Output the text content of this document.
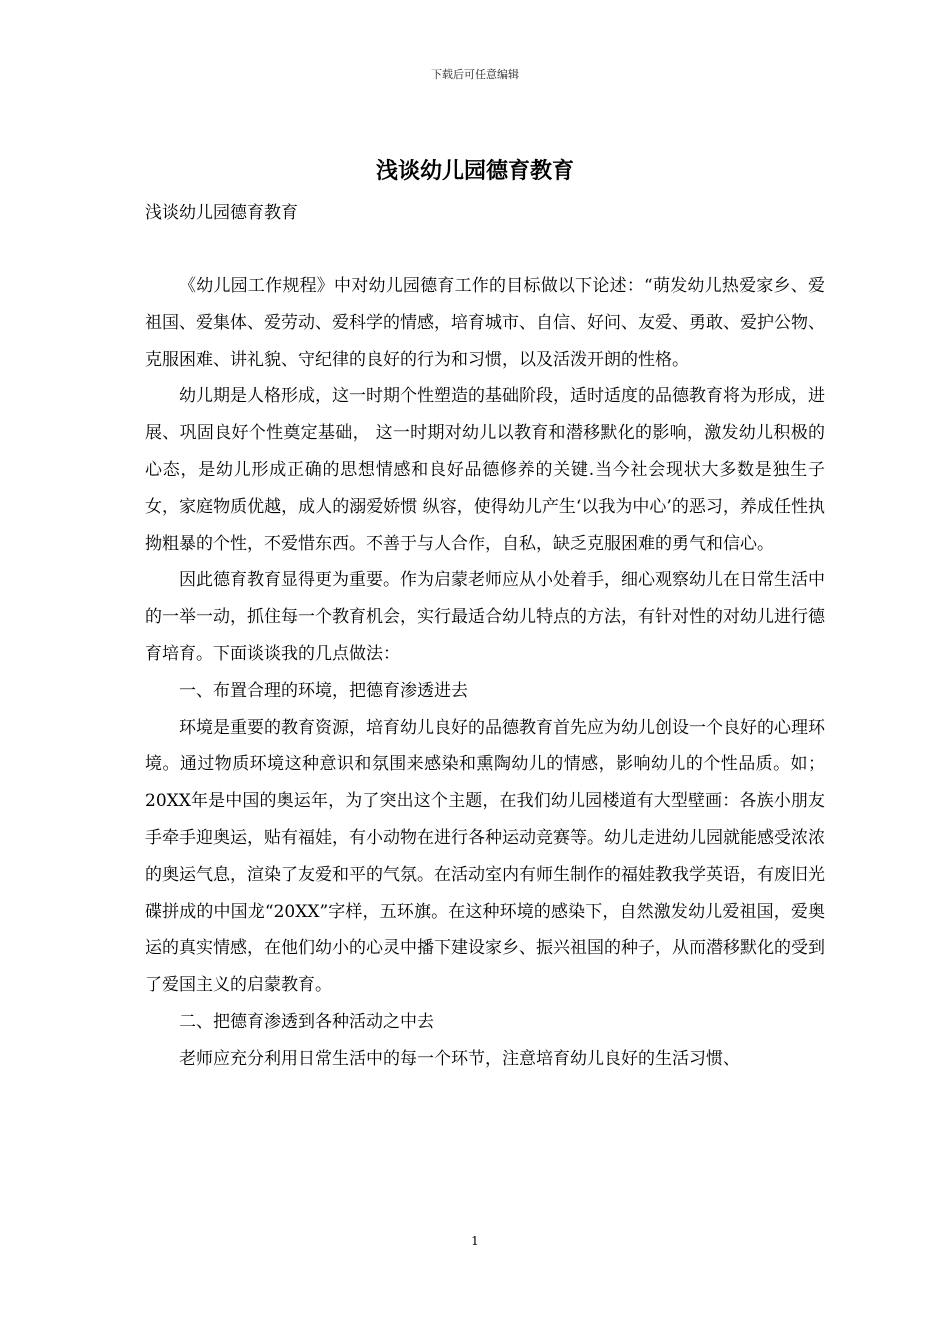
下载后可任意编辑
浅谈幼儿园德育教育

浅谈幼儿园德育教育

《幼儿园工作规程》中对幼儿园德育工作的目标做以下论述：“萌发幼儿热爱家乡、爱祖国、爱集体、爱劳动、爱科学的情感，培育城市、自信、好问、友爱、勇敢、爱护公物、克服困难、讲礼貌、守纪律的良好的行为和习惯，以及活泼开朗的性格。

幼儿期是人格形成，这一时期个性塑造的基础阶段，适时适度的品德教育将为形成，进展、巩固良好个性奠定基础， 这一时期对幼儿以教育和潜移默化的影响，激发幼儿积极的心态，是幼儿形成正确的思想情感和良好品德修养的关键.当今社会现状大多数是独生子女，家庭物质优越，成人的溺爱娇惯 纵容，使得幼儿产生‘以我为中心’的恶习，养成任性执拗粗暴的个性，不爱惜东西。不善于与人合作，自私，缺乏克服困难的勇气和信心。

因此德育教育显得更为重要。作为启蒙老师应从小处着手，细心观察幼儿在日常生活中的一举一动，抓住每一个教育机会，实行最适合幼儿特点的方法，有针对性的对幼儿进行德育培育。下面谈谈我的几点做法：

一、布置合理的环境，把德育渗透进去

环境是重要的教育资源，培育幼儿良好的品德教育首先应为幼儿创设一个良好的心理环境。通过物质环境这种意识和氛围来感染和熏陶幼儿的情感，影响幼儿的个性品质。如；20XX年是中国的奥运年，为了突出这个主题，在我们幼儿园楼道有大型壁画：各族小朋友手牵手迎奥运，贴有福娃，有小动物在进行各种运动竞赛等。幼儿走进幼儿园就能感受浓浓的奥运气息，渲染了友爱和平的气氛。在活动室内有师生制作的福娃教我学英语，有废旧光碟拼成的中国龙“20XX”字样，五环旗。在这种环境的感染下，自然激发幼儿爱祖国，爱奥运的真实情感，在他们幼小的心灵中播下建设家乡、振兴祖国的种子，从而潜移默化的受到了爱国主义的启蒙教育。

二、把德育渗透到各种活动之中去

老师应充分利用日常生活中的每一个环节，注意培育幼儿良好的生活习惯、

1
